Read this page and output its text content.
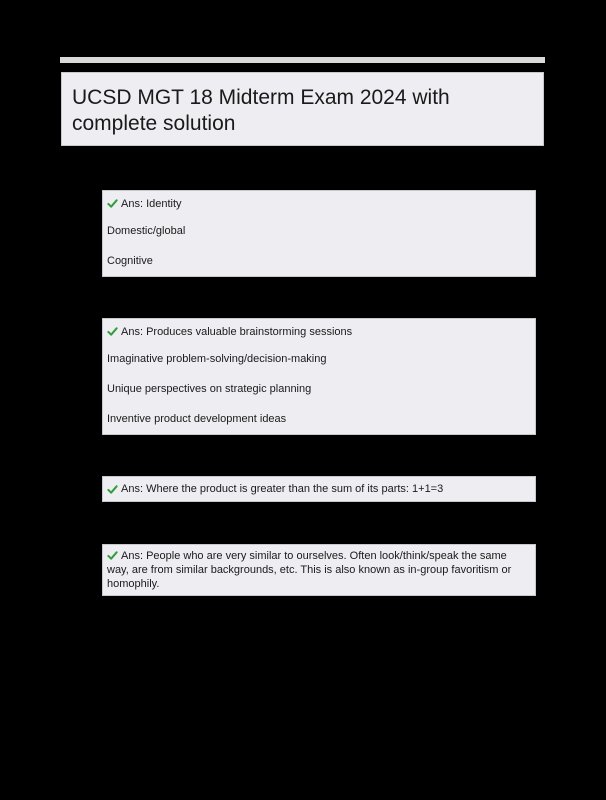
UCSD MGT 18 Midterm Exam 2024 with complete solution
Ans: Identity
Domestic/global
Cognitive
Ans: Produces valuable brainstorming sessions
Imaginative problem-solving/decision-making
Unique perspectives on strategic planning
Inventive product development ideas
Ans: Where the product is greater than the sum of its parts: 1+1=3
Ans: People who are very similar to ourselves. Often look/think/speak the same way, are from similar backgrounds, etc. This is also known as in-group favoritism or homophily.
